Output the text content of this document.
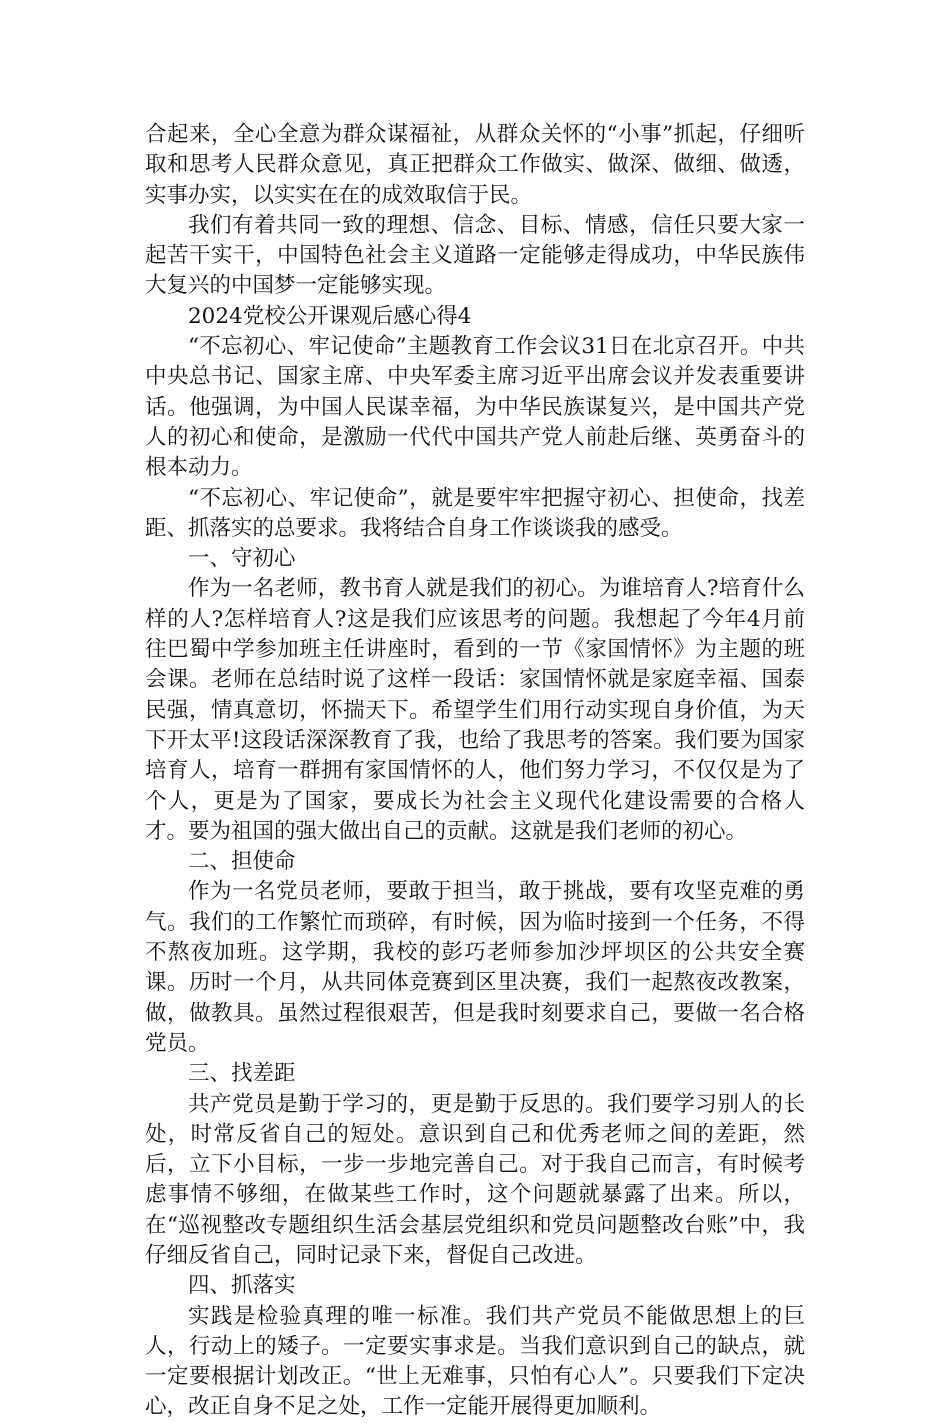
合起来，全心全意为群众谋福祉，从群众关怀的“小事”抓起，仔细听取和思考人民群众意见，真正把群众工作做实、做深、做细、做透，实事办实，以实实在在的成效取信于民。

我们有着共同一致的理想、信念、目标、情感，信任只要大家一起苦干实干，中国特色社会主义道路一定能够走得成功，中华民族伟大复兴的中国梦一定能够实现。

2024党校公开课观后感心得4

“不忘初心、牢记使命”主题教育工作会议31日在北京召开。中共中央总书记、国家主席、中央军委主席习近平出席会议并发表重要讲话。他强调，为中国人民谋幸福，为中华民族谋复兴，是中国共产党人的初心和使命，是激励一代代中国共产党人前赴后继、英勇奋斗的根本动力。

“不忘初心、牢记使命”，就是要牢牢把握守初心、担使命，找差距、抓落实的总要求。我将结合自身工作谈谈我的感受。

一、守初心

作为一名老师，教书育人就是我们的初心。为谁培育人?培育什么样的人?怎样培育人?这是我们应该思考的问题。我想起了今年4月前往巴蜀中学参加班主任讲座时，看到的一节《家国情怀》为主题的班会课。老师在总结时说了这样一段话：家国情怀就是家庭幸福、国泰民强，情真意切，怀揣天下。希望学生们用行动实现自身价值，为天下开太平!这段话深深教育了我，也给了我思考的答案。我们要为国家培育人，培育一群拥有家国情怀的人，他们努力学习，不仅仅是为了个人，更是为了国家，要成长为社会主义现代化建设需要的合格人才。要为祖国的强大做出自己的贡献。这就是我们老师的初心。

二、担使命

作为一名党员老师，要敢于担当，敢于挑战，要有攻坚克难的勇气。我们的工作繁忙而琐碎，有时候，因为临时接到一个任务，不得不熬夜加班。这学期，我校的彭巧老师参加沙坪坝区的公共安全赛课。历时一个月，从共同体竞赛到区里决赛，我们一起熬夜改教案，做，做教具。虽然过程很艰苦，但是我时刻要求自己，要做一名合格党员。

三、找差距

共产党员是勤于学习的，更是勤于反思的。我们要学习别人的长处，时常反省自己的短处。意识到自己和优秀老师之间的差距，然后，立下小目标，一步一步地完善自己。对于我自己而言，有时候考虑事情不够细，在做某些工作时，这个问题就暴露了出来。所以，在“巡视整改专题组织生活会基层党组织和党员问题整改台账”中，我仔细反省自己，同时记录下来，督促自己改进。

四、抓落实

实践是检验真理的唯一标准。我们共产党员不能做思想上的巨人，行动上的矮子。一定要实事求是。当我们意识到自己的缺点，就一定要根据计划改正。“世上无难事，只怕有心人”。只要我们下定决心，改正自身不足之处，工作一定能开展得更加顺利。
